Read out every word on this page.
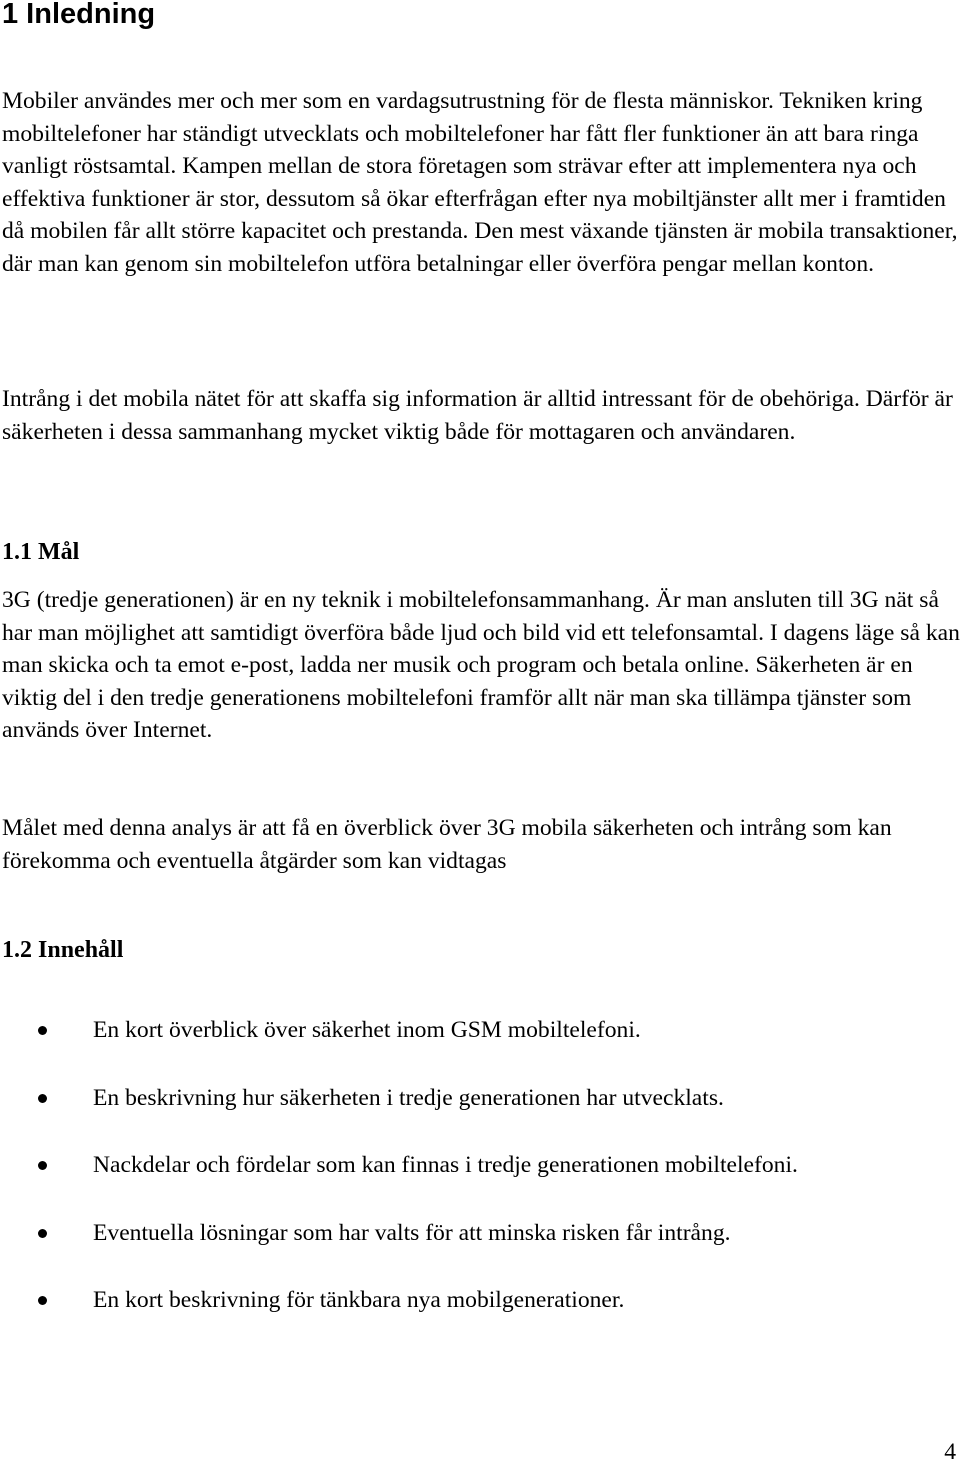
1 Inledning

Mobiler användes mer och mer som en vardagsutrustning för de flesta människor. Tekniken kring mobiltelefoner har ständigt utvecklats och mobiltelefoner har fått fler funktioner än att bara ringa vanligt röstsamtal. Kampen mellan de stora företagen som strävar efter att implementera nya och effektiva funktioner är stor, dessutom så ökar efterfrågan efter nya mobiltjänster allt mer i framtiden då mobilen får allt större kapacitet och prestanda. Den mest växande tjänsten är mobila transaktioner, där man kan genom sin mobiltelefon utföra betalningar eller överföra pengar mellan konton.

Intrång i det mobila nätet för att skaffa sig information är alltid intressant för de obehöriga. Därför är säkerheten i dessa sammanhang mycket viktig både för mottagaren och användaren.

1.1 Mål

3G (tredje generationen) är en ny teknik i mobiltelefonsammanhang. Är man ansluten till 3G nät så har man möjlighet att samtidigt överföra både ljud och bild vid ett telefonsamtal. I dagens läge så kan man skicka och ta emot e-post, ladda ner musik och program och betala online. Säkerheten är en viktig del i den tredje generationens mobiltelefoni framför allt när man ska tillämpa tjänster som används över Internet.

Målet med denna analys är att få en överblick över 3G mobila säkerheten och intrång som kan förekomma och eventuella åtgärder som kan vidtagas

1.2 Innehåll
En kort överblick över säkerhet inom GSM mobiltelefoni.
En beskrivning hur säkerheten i tredje generationen har utvecklats.
Nackdelar och fördelar som kan finnas i tredje generationen mobiltelefoni.
Eventuella lösningar som har valts för att minska risken får intrång.
En kort beskrivning för tänkbara nya mobilgenerationer.
4
